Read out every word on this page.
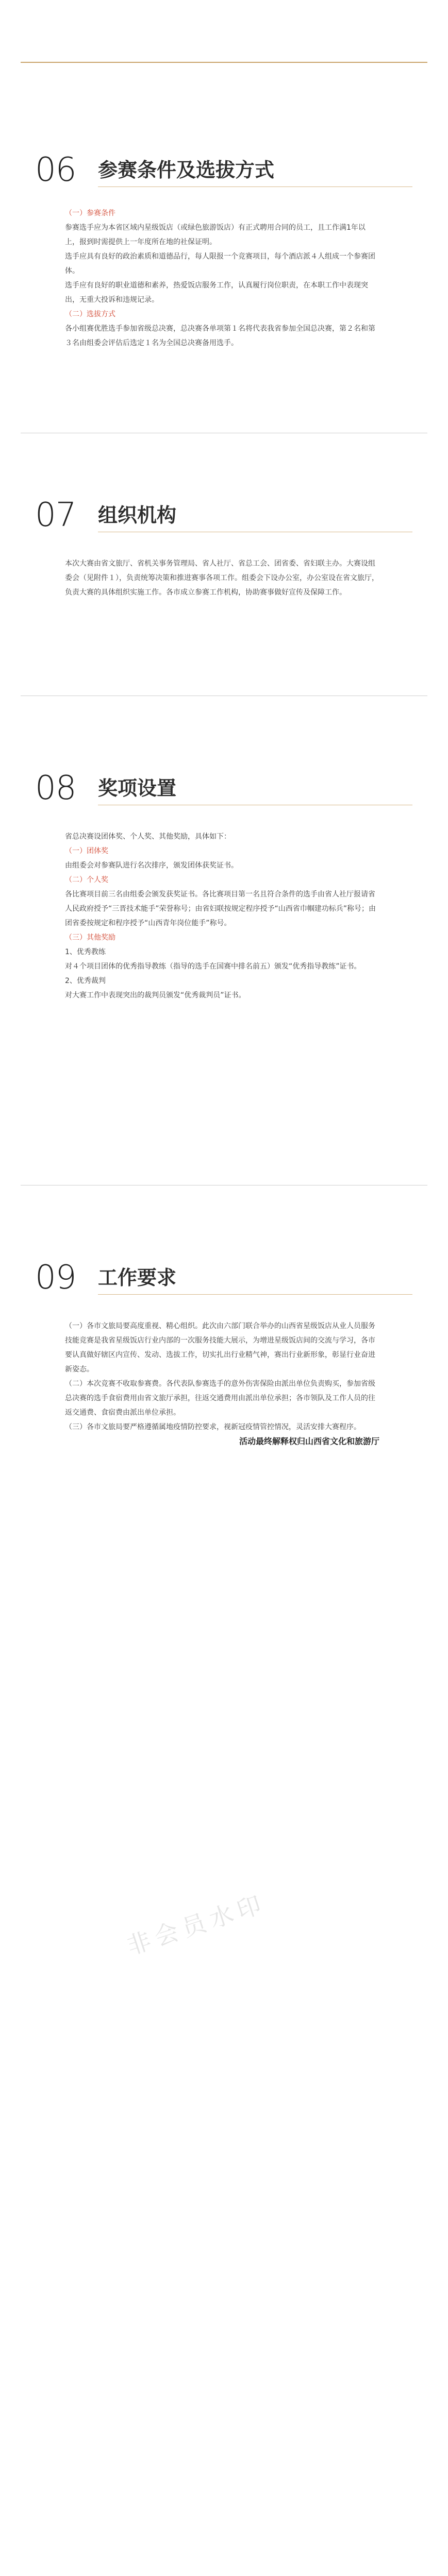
06 参赛条件及选拔方式

（一）参赛条件

参赛选手应为本省区域内星级饭店（或绿色旅游饭店）有正式聘用合同的员工，且工作满1年以上，报到时需提供上一年度所在地的社保证明。

选手应具有良好的政治素质和道德品行，每人限报一个竞赛项目，每个酒店派４人组成一个参赛团体。

选手应有良好的职业道德和素养，热爱饭店服务工作，认真履行岗位职责，在本职工作中表现突出，无重大投诉和违规记录。

（二）选拔方式

各小组赛优胜选手参加省级总决赛，总决赛各单项第１名将代表我省参加全国总决赛，第２名和第３名由组委会评估后选定１名为全国总决赛备用选手。

07 组织机构

本次大赛由省文旅厅、省机关事务管理局、省人社厅、省总工会、团省委、省妇联主办。大赛设组委会（见附件１），负责统筹决策和推进赛事各项工作。组委会下设办公室，办公室设在省文旅厅，负责大赛的具体组织实施工作。各市成立参赛工作机构，协助赛事做好宣传及保障工作。

08 奖项设置

省总决赛设团体奖、个人奖、其他奖励，具体如下：

（一）团体奖

由组委会对参赛队进行名次排序，颁发团体获奖证书。

（二）个人奖

各比赛项目前三名由组委会颁发获奖证书。各比赛项目第一名且符合条件的选手由省人社厅报请省人民政府授予“三晋技术能手”荣誉称号；由省妇联按规定程序授予“山西省巾帼建功标兵”称号；由团省委按规定和程序授予“山西青年岗位能手”称号。

（三）其他奖励

1、优秀教练

对４个项目团体的优秀指导教练（指导的选手在国赛中排名前五）颁发“优秀指导教练”证书。

2、优秀裁判

对大赛工作中表现突出的裁判员颁发“优秀裁判员”证书。

09 工作要求

（一）各市文旅局要高度重视、精心组织。此次由六部门联合举办的山西省星级饭店从业人员服务技能竞赛是我省星级饭店行业内部的一次服务技能大展示，为增进星级饭店间的交流与学习，各市要认真做好辖区内宣传、发动、选拔工作，切实扎出行业精气神，赛出行业新形象，彰显行业奋进新姿态。

（二）本次竞赛不收取参赛费。各代表队参赛选手的意外伤害保险由派出单位负责购买，参加省级总决赛的选手食宿费用由省文旅厅承担，往返交通费用由派出单位承担；各市领队及工作人员的往返交通费、食宿费由派出单位承担。

（三）各市文旅局要严格遵循属地疫情防控要求，视新冠疫情管控情况，灵活安排大赛程序。

活动最终解释权归山西省文化和旅游厅

非会员水印
